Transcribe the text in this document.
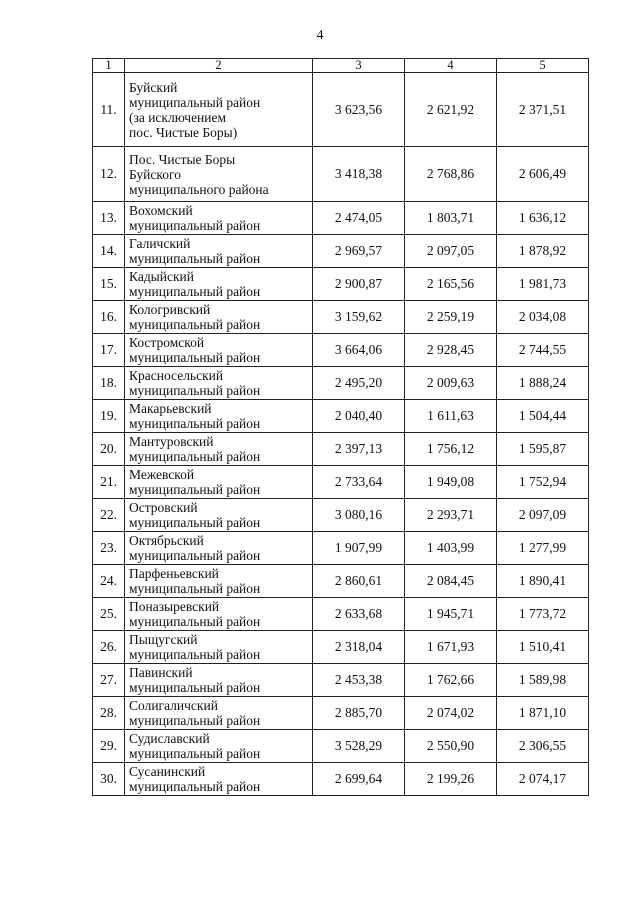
4
1	2	3	4	5
11.	Буйский
муниципальный район
(за исключением
пос. Чистые Боры)	3 623,56	2 621,92	2 371,51
12.	Пос. Чистые Боры
Буйского
муниципального района	3 418,38	2 768,86	2 606,49
13.	Вохомский
муниципальный район	2 474,05	1 803,71	1 636,12
14.	Галичский
муниципальный район	2 969,57	2 097,05	1 878,92
15.	Кадыйский
муниципальный район	2 900,87	2 165,56	1 981,73
16.	Кологривский
муниципальный район	3 159,62	2 259,19	2 034,08
17.	Костромской
муниципальный район	3 664,06	2 928,45	2 744,55
18.	Красносельский
муниципальный район	2 495,20	2 009,63	1 888,24
19.	Макарьевский
муниципальный район	2 040,40	1 611,63	1 504,44
20.	Мантуровский
муниципальный район	2 397,13	1 756,12	1 595,87
21.	Межевской
муниципальный район	2 733,64	1 949,08	1 752,94
22.	Островский
муниципальный район	3 080,16	2 293,71	2 097,09
23.	Октябрьский
муниципальный район	1 907,99	1 403,99	1 277,99
24.	Парфеньевский
муниципальный район	2 860,61	2 084,45	1 890,41
25.	Поназыревский
муниципальный район	2 633,68	1 945,71	1 773,72
26.	Пыщугский
муниципальный район	2 318,04	1 671,93	1 510,41
27.	Павинский
муниципальный район	2 453,38	1 762,66	1 589,98
28.	Солигаличский
муниципальный район	2 885,70	2 074,02	1 871,10
29.	Судиславский
муниципальный район	3 528,29	2 550,90	2 306,55
30.	Сусанинский
муниципальный район	2 699,64	2 199,26	2 074,17
